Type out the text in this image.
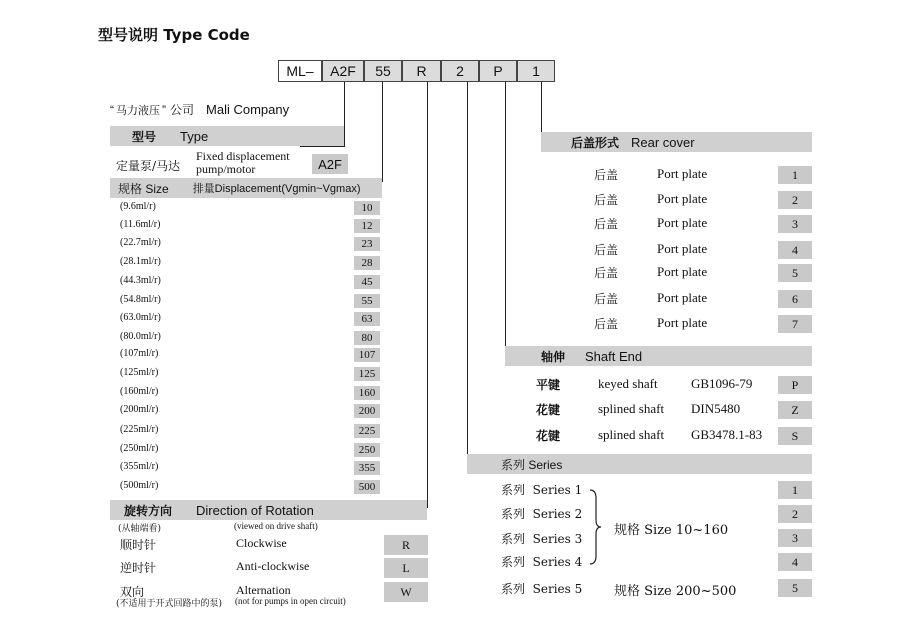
型号说明 Type Code
ML–	A2F	55	R	2	P	1
“ 马力液压 ” 公司 Mali Company
型号 Type
定量泵/马达
Fixed displacement
pump/motor	A2F
规格 Size 排量Displacement(Vgmin~Vgmax)
(9.6ml/r)	10
(11.6ml/r)	12
(22.7ml/r)	23
(28.1ml/r)	28
(44.3ml/r)	45
(54.8ml/r)	55
(63.0ml/r)	63
(80.0ml/r)	80
(107ml/r)	107
(125ml/r)	125
(160ml/r)	160
(200ml/r)	200
(225ml/r)	225
(250ml/r)	250
(355ml/r)	355
(500ml/r)	500
旋转方向 Direction of Rotation
(从轴端看)	(viewed on drive shaft)
顺时针	Clockwise	R
逆时针	Anti-clockwise	L
双向	Alternation	W
(不适用于开式回路中的泵) (not for pumps in open circuit)
后盖形式 Rear cover
后盖	Port plate	1
后盖	Port plate	2
后盖	Port plate	3
后盖	Port plate	4
后盖	Port plate	5
后盖	Port plate	6
后盖	Port plate	7
轴伸 Shaft End
平键	keyed shaft	GB1096-79	P
花键	splined shaft DIN5480	Z
花键	splined shaft GB3478.1-83	S
系列 Series
系列  Series 1	1
系列  Series 2	2
系列  Series 3	3
系列  Series 4	4
系列  Series 5	5
规格 Size 10~160
规格 Size 200~500
